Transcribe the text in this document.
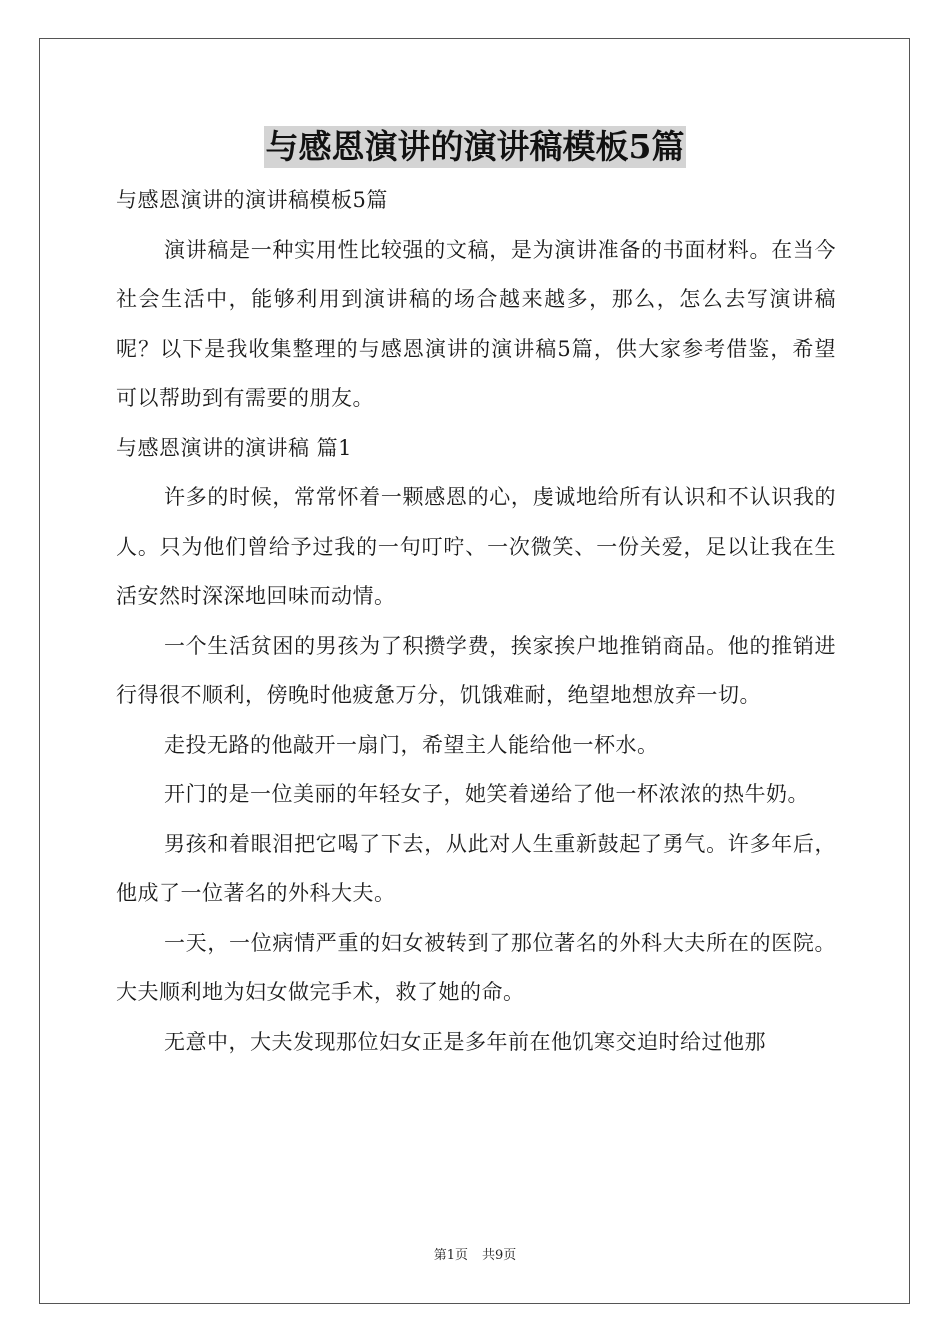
与感恩演讲的演讲稿模板5篇

与感恩演讲的演讲稿模板5篇

演讲稿是一种实用性比较强的文稿，是为演讲准备的书面材料。在当今社会生活中，能够利用到演讲稿的场合越来越多，那么，怎么去写演讲稿呢？以下是我收集整理的与感恩演讲的演讲稿5篇，供大家参考借鉴，希望可以帮助到有需要的朋友。

与感恩演讲的演讲稿 篇1

许多的时候，常常怀着一颗感恩的心，虔诚地给所有认识和不认识我的人。只为他们曾给予过我的一句叮咛、一次微笑、一份关爱，足以让我在生活安然时深深地回味而动情。

一个生活贫困的男孩为了积攒学费，挨家挨户地推销商品。他的推销进行得很不顺利，傍晚时他疲惫万分，饥饿难耐，绝望地想放弃一切。

走投无路的他敲开一扇门，希望主人能给他一杯水。

开门的是一位美丽的年轻女子，她笑着递给了他一杯浓浓的热牛奶。

男孩和着眼泪把它喝了下去，从此对人生重新鼓起了勇气。许多年后，他成了一位著名的外科大夫。

一天，一位病情严重的妇女被转到了那位著名的外科大夫所在的医院。大夫顺利地为妇女做完手术，救了她的命。

无意中，大夫发现那位妇女正是多年前在他饥寒交迫时给过他那

第1页 共9页
